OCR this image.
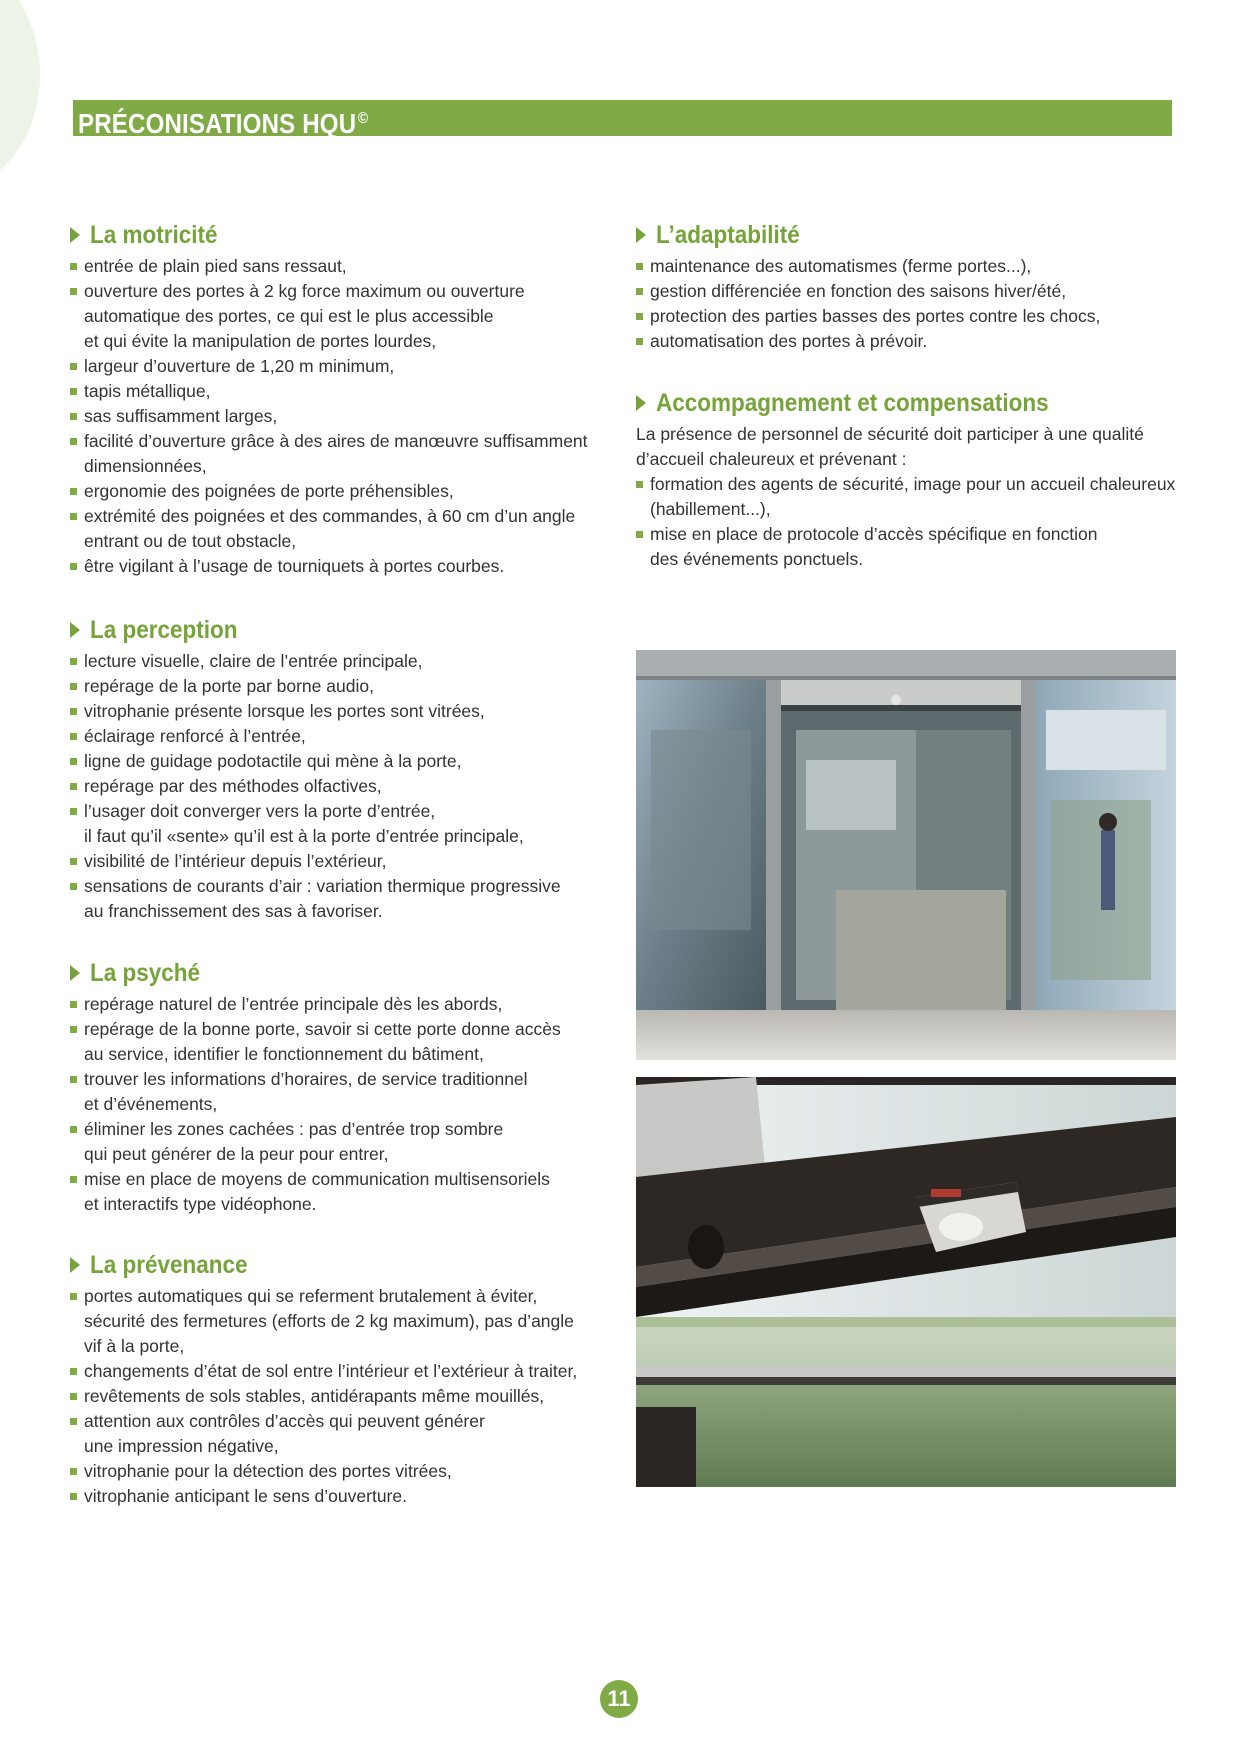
PRÉCONISATIONS HQU ©
La motricité
entrée de plain pied sans ressaut,
ouverture des portes à 2 kg force maximum ou ouverture
automatique des portes, ce qui est le plus accessible
et qui évite la manipulation de portes lourdes,
largeur d’ouverture de 1,20 m minimum,
tapis métallique,
sas suffisamment larges,
facilité d’ouverture grâce à des aires de manœuvre suffisamment
dimensionnées,
ergonomie des poignées de porte préhensibles,
extrémité des poignées et des commandes, à 60 cm d’un angle
entrant ou de tout obstacle,
être vigilant à l’usage de tourniquets à portes courbes.
La perception
lecture visuelle, claire de l’entrée principale,
repérage de la porte par borne audio,
vitrophanie présente lorsque les portes sont vitrées,
éclairage renforcé à l’entrée,
ligne de guidage podotactile qui mène à la porte,
repérage par des méthodes olfactives,
l’usager doit converger vers la porte d’entrée,
il faut qu’il «sente» qu’il est à la porte d’entrée principale,
visibilité de l’intérieur depuis l’extérieur,
sensations de courants d’air : variation thermique progressive
au franchissement des sas à favoriser.
La psyché
repérage naturel de l’entrée principale dès les abords,
repérage de la bonne porte, savoir si cette porte donne accès
au service, identifier le fonctionnement du bâtiment,
trouver les informations d’horaires, de service traditionnel
et d’événements,
éliminer les zones cachées : pas d’entrée trop sombre
qui peut générer de la peur pour entrer,
mise en place de moyens de communication multisensoriels
et interactifs type vidéophone.
La prévenance
portes automatiques qui se referment brutalement à éviter,
sécurité des fermetures (efforts de 2 kg maximum), pas d’angle
vif à la porte,
changements d’état de sol entre l’intérieur et l’extérieur à traiter,
revêtements de sols stables, antidérapants même mouillés,
attention aux contrôles d’accès qui peuvent générer
une impression négative,
vitrophanie pour la détection des portes vitrées,
vitrophanie anticipant le sens d’ouverture.
L’adaptabilité
maintenance des automatismes (ferme portes...),
gestion différenciée en fonction des saisons hiver/été,
protection des parties basses des portes contre les chocs,
automatisation des portes à prévoir.
Accompagnement et compensations

La présence de personnel de sécurité doit participer à une qualité
d’accueil chaleureux et prévenant :

formation des agents de sécurité, image pour un accueil chaleureux
(habillement...),
mise en place de protocole d’accès spécifique en fonction
des événements ponctuels.
11
